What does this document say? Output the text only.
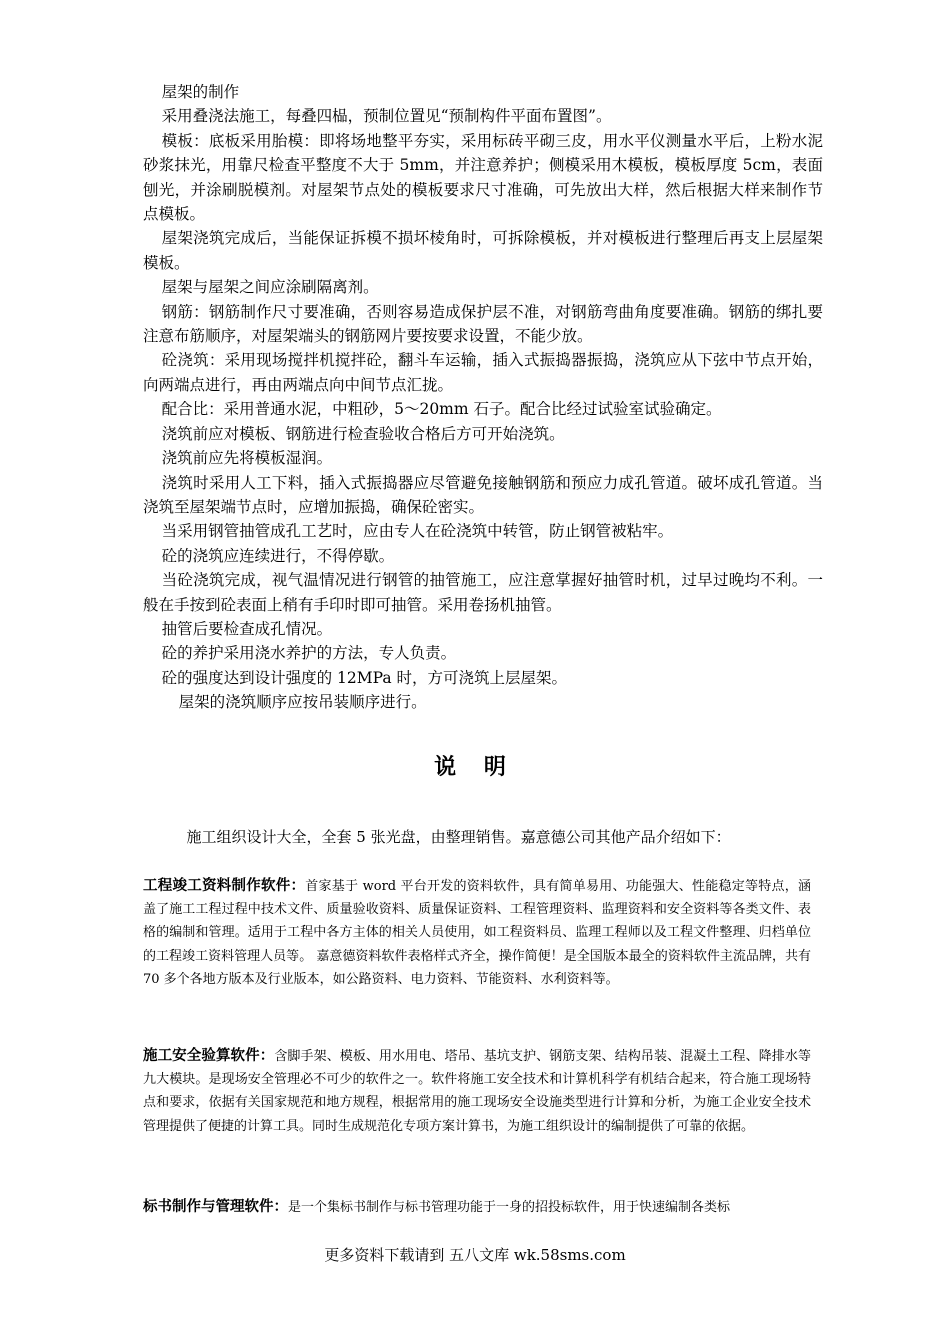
屋架的制作

采用叠浇法施工，每叠四榀，预制位置见“预制构件平面布置图”。

模板：底板采用胎模：即将场地整平夯实，采用标砖平砌三皮，用水平仪测量水平后，上粉水泥砂浆抹光，用靠尺检查平整度不大于 5mm，并注意养护；侧模采用木模板，模板厚度 5cm，表面刨光，并涂刷脱模剂。对屋架节点处的模板要求尺寸准确，可先放出大样，然后根据大样来制作节点模板。

屋架浇筑完成后，当能保证拆模不损坏棱角时，可拆除模板，并对模板进行整理后再支上层屋架模板。

屋架与屋架之间应涂刷隔离剂。

钢筋：钢筋制作尺寸要准确，否则容易造成保护层不准，对钢筋弯曲角度要准确。钢筋的绑扎要注意布筋顺序，对屋架端头的钢筋网片要按要求设置，不能少放。

砼浇筑：采用现场搅拌机搅拌砼，翻斗车运输，插入式振捣器振捣，浇筑应从下弦中节点开始，向两端点进行，再由两端点向中间节点汇拢。

配合比：采用普通水泥，中粗砂，5～20mm 石子。配合比经过试验室试验确定。

浇筑前应对模板、钢筋进行检查验收合格后方可开始浇筑。

浇筑前应先将模板湿润。

浇筑时采用人工下料，插入式振捣器应尽管避免接触钢筋和预应力成孔管道。破坏成孔管道。当浇筑至屋架端节点时，应增加振捣，确保砼密实。

当采用钢管抽管成孔工艺时，应由专人在砼浇筑中转管，防止钢管被粘牢。

砼的浇筑应连续进行，不得停歇。

当砼浇筑完成，视气温情况进行钢管的抽管施工，应注意掌握好抽管时机，过早过晚均不利。一般在手按到砼表面上稍有手印时即可抽管。采用卷扬机抽管。

抽管后要检查成孔情况。

砼的养护采用浇水养护的方法，专人负责。

砼的强度达到设计强度的 12MPa 时，方可浇筑上层屋架。

屋架的浇筑顺序应按吊装顺序进行。

说 明
施工组织设计大全，全套 5 张光盘，由整理销售。嘉意德公司其他产品介绍如下：
工程竣工资料制作软件：首家基于 word 平台开发的资料软件，具有简单易用、功能强大、性能稳定等特点，涵盖了施工工程过程中技术文件、质量验收资料、质量保证资料、工程管理资料、监理资料和安全资料等各类文件、表格的编制和管理。适用于工程中各方主体的相关人员使用，如工程资料员、监理工程师以及工程文件整理、归档单位的工程竣工资料管理人员等。 嘉意德资料软件表格样式齐全，操作简便！是全国版本最全的资料软件主流品牌，共有 70 多个各地方版本及行业版本，如公路资料、电力资料、节能资料、水利资料等。
施工安全验算软件：含脚手架、模板、用水用电、塔吊、基坑支护、钢筋支架、结构吊装、混凝土工程、降排水等九大模块。是现场安全管理必不可少的软件之一。软件将施工安全技术和计算机科学有机结合起来，符合施工现场特点和要求，依据有关国家规范和地方规程，根据常用的施工现场安全设施类型进行计算和分析，为施工企业安全技术管理提供了便捷的计算工具。同时生成规范化专项方案计算书，为施工组织设计的编制提供了可靠的依据。
标书制作与管理软件：是一个集标书制作与标书管理功能于一身的招投标软件，用于快速编制各类标
更多资料下载请到 五八文库 wk.58sms.com
